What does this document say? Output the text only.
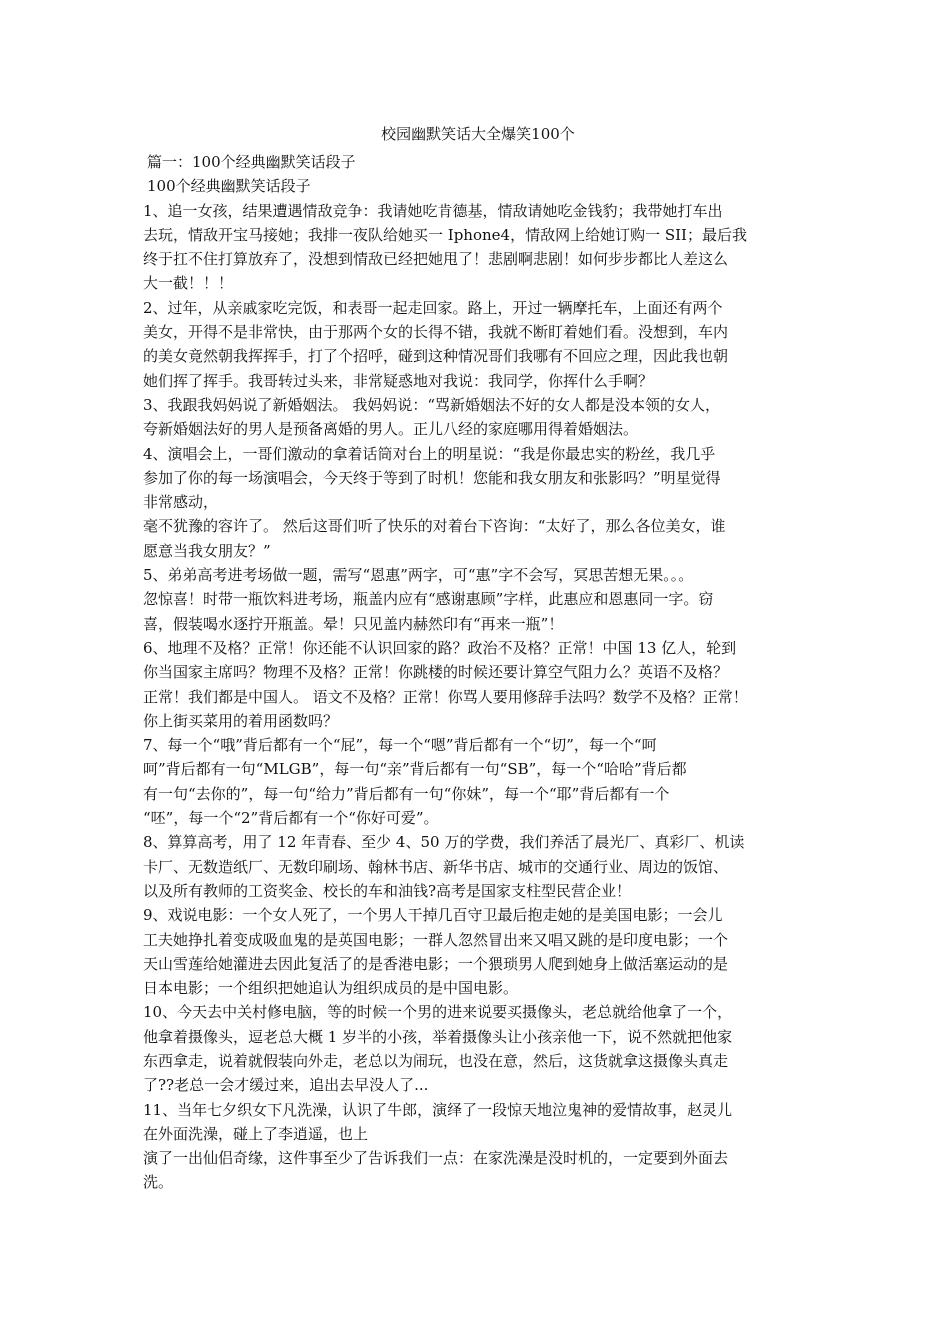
校园幽默笑话大全爆笑100个

篇一：100个经典幽默笑话段子

100个经典幽默笑话段子

1、追一女孩，结果遭遇情敌竞争：我请她吃肯德基，情敌请她吃金钱豹；我带她打车出

去玩，情敌开宝马接她；我排一夜队给她买一 Iphone4，情敌网上给她订购一 SII；最后我

终于扛不住打算放弃了，没想到情敌已经把她甩了！悲剧啊悲剧！如何步步都比人差这么

大一截！！！

2、过年，从亲戚家吃完饭，和表哥一起走回家。路上，开过一辆摩托车，上面还有两个

美女，开得不是非常快，由于那两个女的长得不错，我就不断盯着她们看。没想到，车内

的美女竟然朝我挥挥手，打了个招呼，碰到这种情况哥们我哪有不回应之理，因此我也朝

她们挥了挥手。我哥转过头来，非常疑惑地对我说：我同学，你挥什么手啊？

3、我跟我妈妈说了新婚姻法。 我妈妈说：“骂新婚姻法不好的女人都是没本领的女人，

夸新婚姻法好的男人是预备离婚的男人。正儿八经的家庭哪用得着婚姻法。

4、演唱会上，一哥们激动的拿着话筒对台上的明星说：“我是你最忠实的粉丝，我几乎

参加了你的每一场演唱会，今天终于等到了时机！您能和我女朋友和张影吗？”明星觉得

非常感动，

毫不犹豫的容许了。 然后这哥们听了快乐的对着台下咨询：“太好了，那么各位美女，谁

愿意当我女朋友？”

5、弟弟高考进考场做一题，需写“恩惠”两字，可“惠”字不会写，冥思苦想无果。。。

忽惊喜！时带一瓶饮料进考场，瓶盖内应有“感谢惠顾”字样，此惠应和恩惠同一字。窃

喜，假装喝水逐拧开瓶盖。晕！只见盖内赫然印有“再来一瓶”！

6、地理不及格？正常！你还能不认识回家的路？政治不及格？正常！中国 13 亿人，轮到

你当国家主席吗？物理不及格？正常！你跳楼的时候还要计算空气阻力么？英语不及格？

正常！我们都是中国人。 语文不及格？正常！你骂人要用修辞手法吗？数学不及格？正常！

你上街买菜用的着用函数吗？

7、每一个“哦”背后都有一个“屁”，每一个“嗯”背后都有一个“切”，每一个“呵

呵”背后都有一句“MLGB”，每一句“亲”背后都有一句“SB”，每一个“哈哈”背后都

有一句“去你的”，每一句“给力”背后都有一句“你妹”，每一个“耶”背后都有一个

“呸”，每一个“2”背后都有一个“你好可爱”。

8、算算高考，用了 12 年青春、至少 4、50 万的学费，我们养活了晨光厂、真彩厂、机读

卡厂、无数造纸厂、无数印刷场、翰林书店、新华书店、城市的交通行业、周边的饭馆、

以及所有教师的工资奖金、校长的车和油钱?高考是国家支柱型民营企业！

9、戏说电影：一个女人死了，一个男人干掉几百守卫最后抱走她的是美国电影；一会儿

工夫她挣扎着变成吸血鬼的是英国电影；一群人忽然冒出来又唱又跳的是印度电影；一个

天山雪莲给她灌进去因此复活了的是香港电影；一个猥琐男人爬到她身上做活塞运动的是

日本电影；一个组织把她追认为组织成员的是中国电影。

10、今天去中关村修电脑，等的时候一个男的进来说要买摄像头，老总就给他拿了一个，

他拿着摄像头，逗老总大概 1 岁半的小孩，举着摄像头让小孩亲他一下，说不然就把他家

东西拿走，说着就假装向外走，老总以为闹玩，也没在意，然后，这货就拿这摄像头真走

了??老总一会才缓过来，追出去早没人了...

11、当年七夕织女下凡洗澡，认识了牛郎，演绎了一段惊天地泣鬼神的爱情故事，赵灵儿

在外面洗澡，碰上了李逍遥，也上

演了一出仙侣奇缘，这件事至少了告诉我们一点：在家洗澡是没时机的，一定要到外面去

洗。
